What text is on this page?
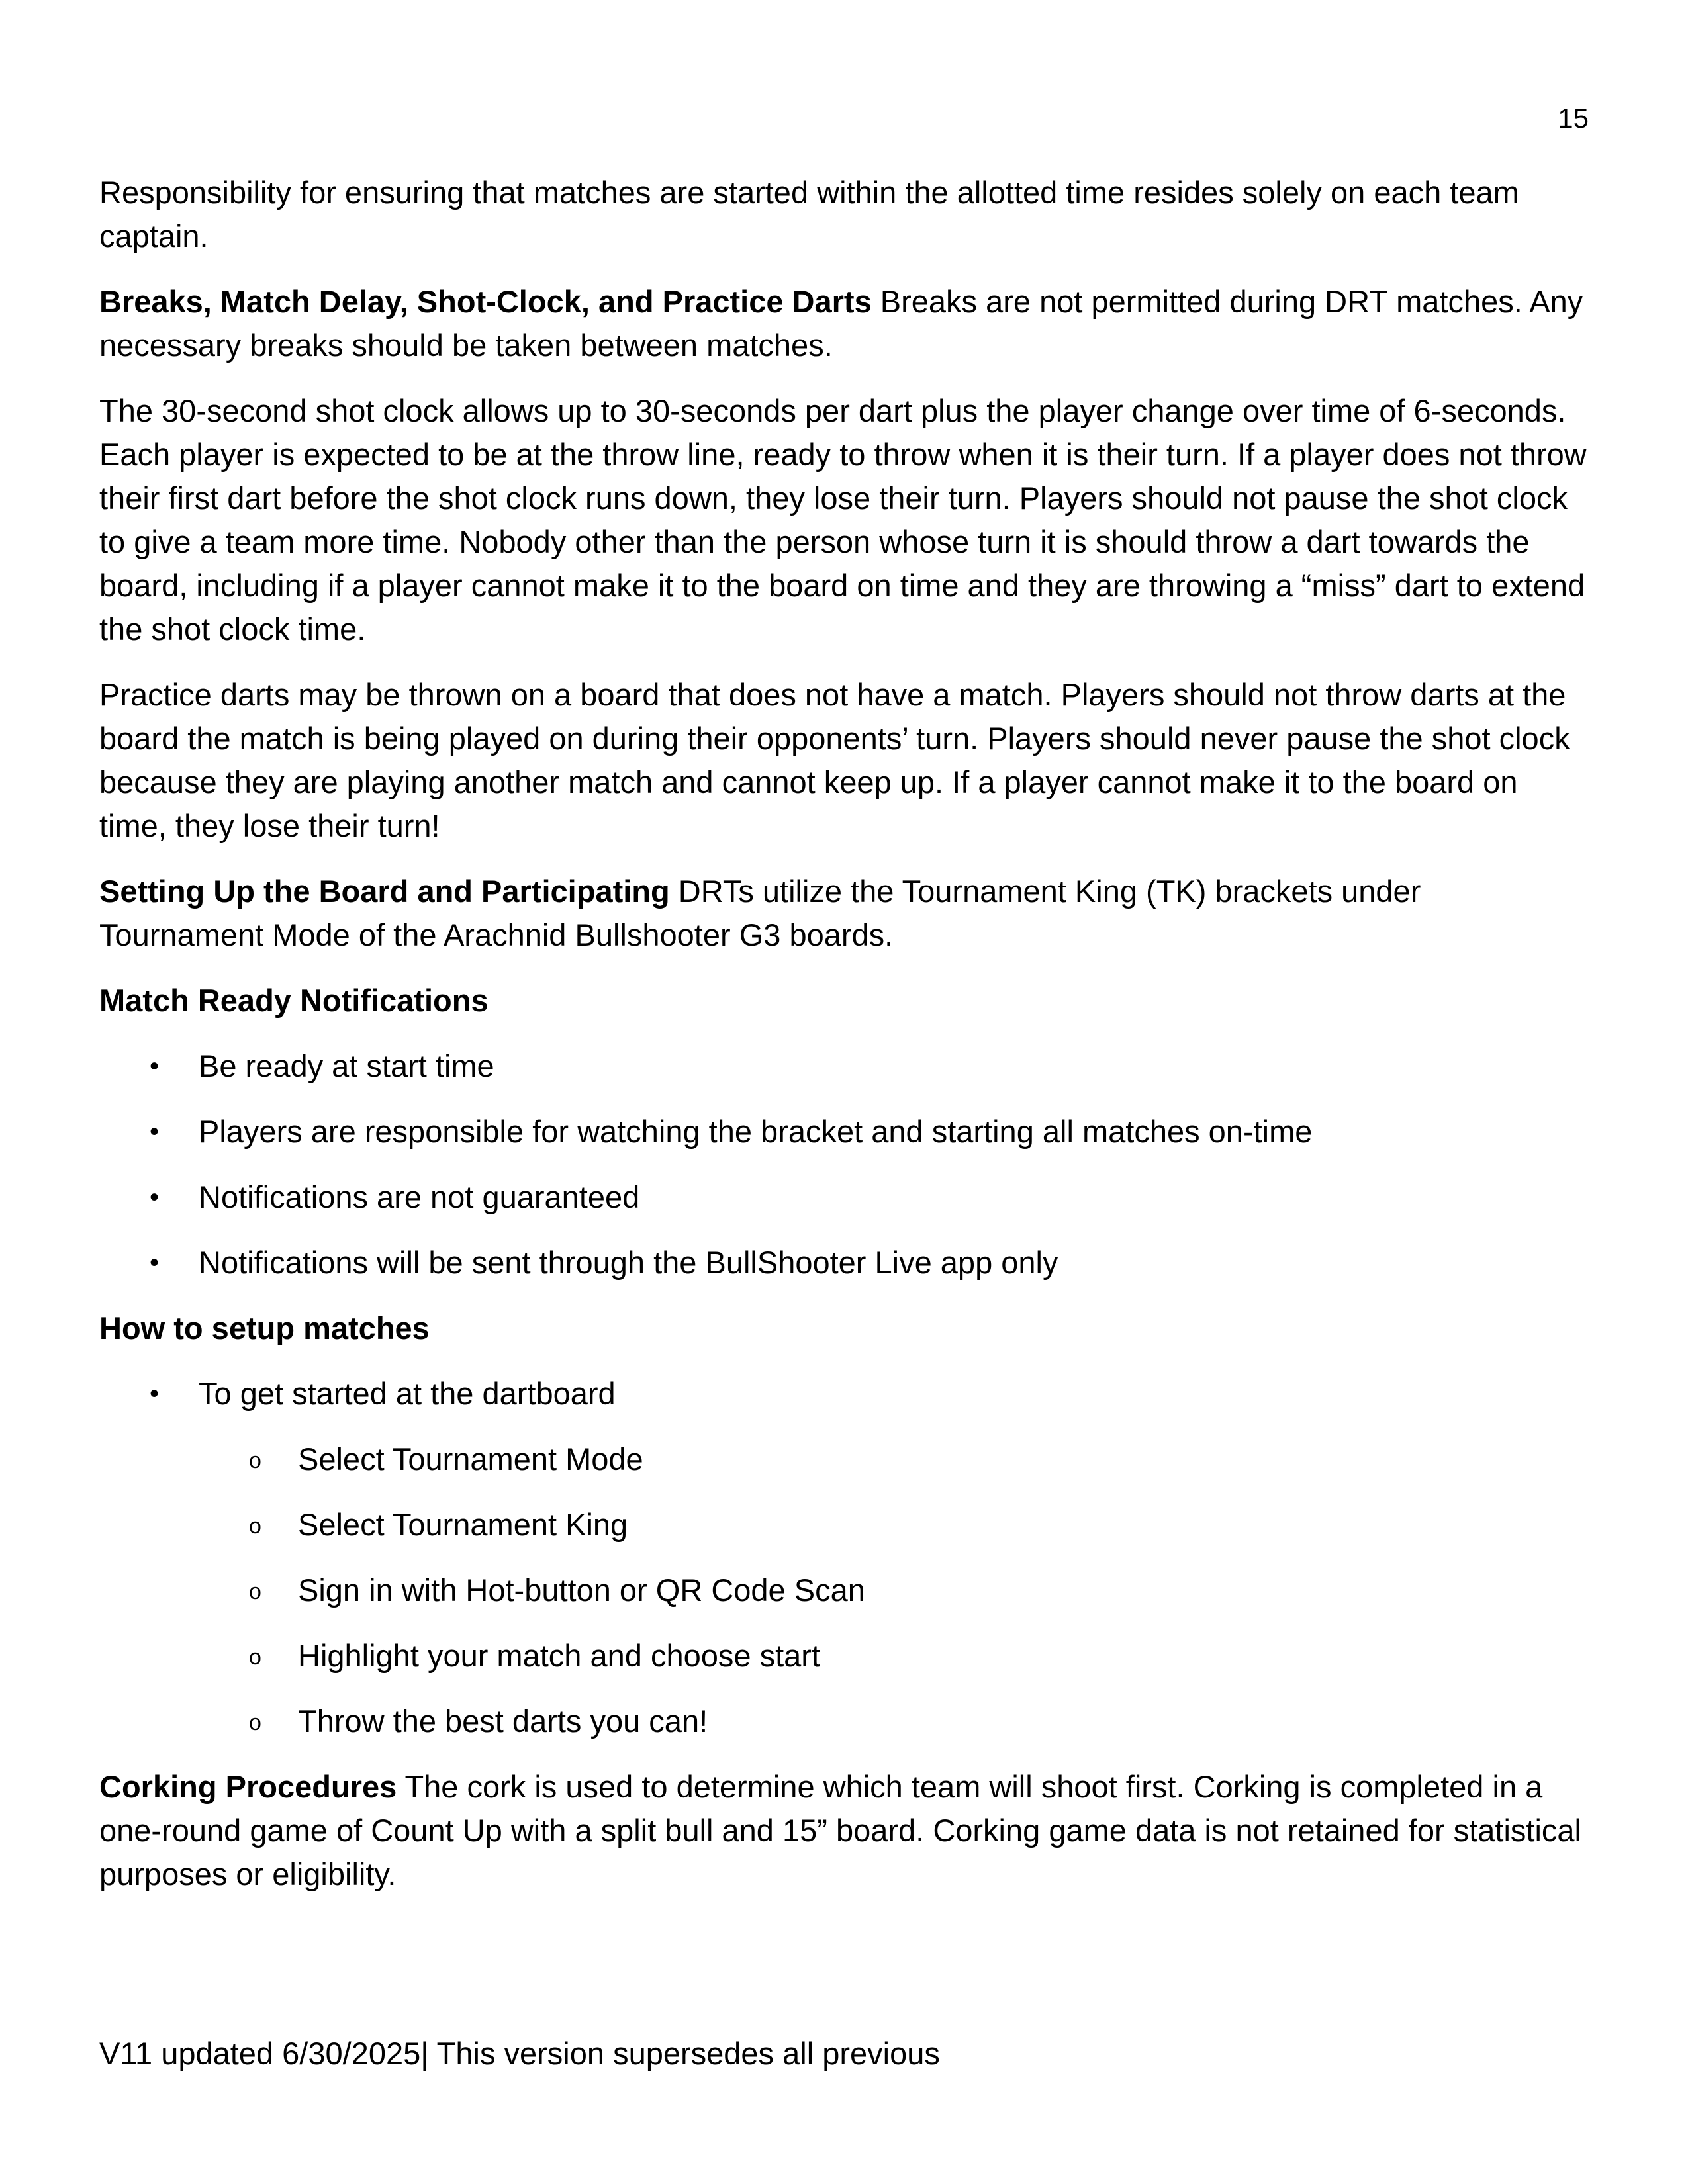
15

Responsibility for ensuring that matches are started within the allotted time resides solely on each team captain.

Breaks, Match Delay, Shot-Clock, and Practice Darts Breaks are not permitted during DRT matches. Any necessary breaks should be taken between matches.

The 30-second shot clock allows up to 30-seconds per dart plus the player change over time of 6-seconds. Each player is expected to be at the throw line, ready to throw when it is their turn. If a player does not throw their first dart before the shot clock runs down, they lose their turn. Players should not pause the shot clock to give a team more time. Nobody other than the person whose turn it is should throw a dart towards the board, including if a player cannot make it to the board on time and they are throwing a “miss” dart to extend the shot clock time.

Practice darts may be thrown on a board that does not have a match. Players should not throw darts at the board the match is being played on during their opponents’ turn. Players should never pause the shot clock because they are playing another match and cannot keep up. If a player cannot make it to the board on time, they lose their turn!

Setting Up the Board and Participating DRTs utilize the Tournament King (TK) brackets under Tournament Mode of the Arachnid Bullshooter G3 boards.

Match Ready Notifications
• Be ready at start time
• Players are responsible for watching the bracket and starting all matches on-time
• Notifications are not guaranteed
• Notifications will be sent through the BullShooter Live app only
How to setup matches
• To get started at the dartboard
o Select Tournament Mode
o Select Tournament King
o Sign in with Hot-button or QR Code Scan
o Highlight your match and choose start
o Throw the best darts you can!

Corking Procedures The cork is used to determine which team will shoot first. Corking is completed in a one-round game of Count Up with a split bull and 15” board. Corking game data is not retained for statistical purposes or eligibility.

V11 updated 6/30/2025| This version supersedes all previous
